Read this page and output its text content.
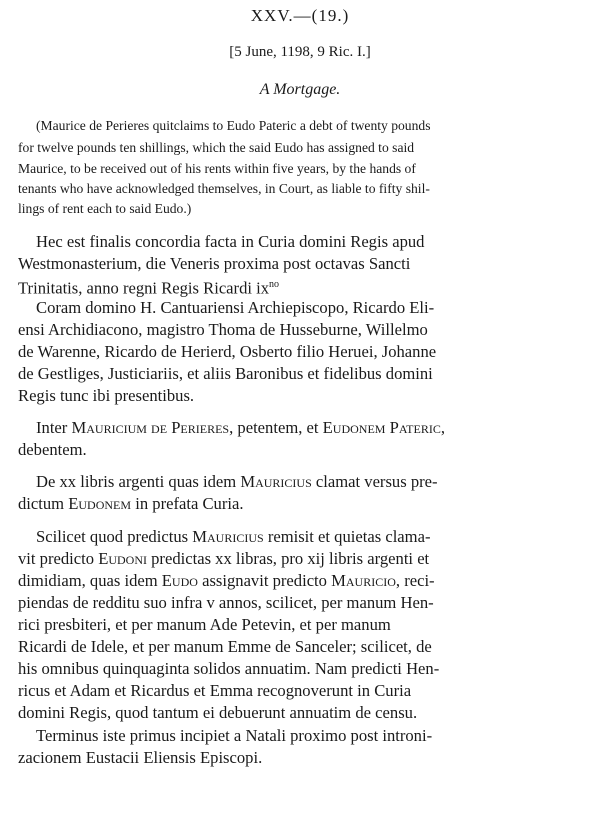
XXV.—(19.)
[5 June, 1198, 9 Ric. I.]
A Mortgage.
(Maurice de Perieres quitclaims to Eudo Pateric a debt of twenty pounds
for twelve pounds ten shillings, which the said Eudo has assigned to said
Maurice, to be received out of his rents within five years, by the hands of
tenants who have acknowledged themselves, in Court, as liable to fifty shil-
lings of rent each to said Eudo.)
Hec est finalis concordia facta in Curia domini Regis apud
Westmonasterium, die Veneris proxima post octavas Sancti
Trinitatis, anno regni Regis Ricardi $ix^{no}$
Coram domino H. Cantuariensi Archiepiscopo, Ricardo Eli-
ensi Archidiacono, magistro Thoma de Husseburne, Willelmo
de Warenne, Ricardo de Herierd, Osberto filio Heruei, Johanne
de Gestliges, Justiciariis, et aliis Baronibus et fidelibus domini
Regis tunc ibi presentibus.
Inter Mauricium de Perieres, petentem, et Eudonem Pateric,
debentem.
De xx libris argenti quas idem Mauricius clamat versus pre-
dictum Eudonem in prefata Curia.
Scilicet quod predictus Mauricius remisit et quietas clama-
vit predicto Eudoni predictas xx libras, pro xij libris argenti et
dimidiam, quas idem Eudo assignavit predicto Mauricio, reci-
piendas de redditu suo infra v annos, scilicet, per manum Hen-
rici presbiteri, et per manum Ade Petevin, et per manum
Ricardi de Idele, et per manum Emme de Sanceler; scilicet, de
his omnibus quinquaginta solidos annuatim. Nam predicti Hen-
ricus et Adam et Ricardus et Emma recognoverunt in Curia
domini Regis, quod tantum ei debuerunt annuatim de censu.
Terminus iste primus incipiet a Natali proximo post introni-
zacionem Eustacii Eliensis Episcopi.
